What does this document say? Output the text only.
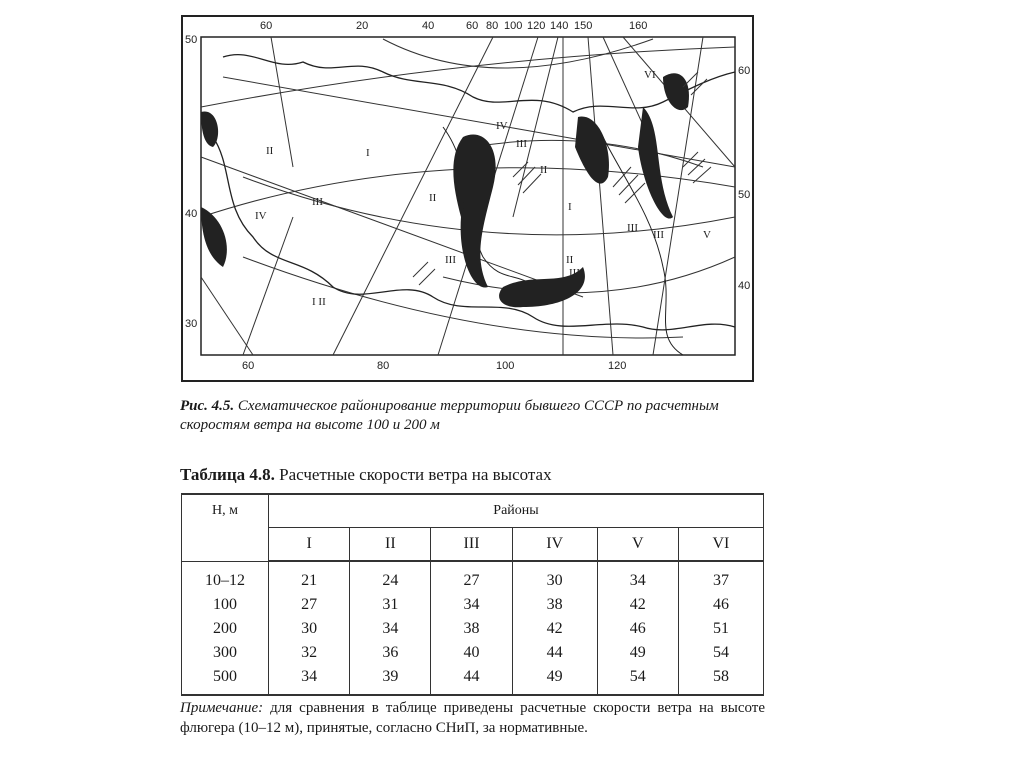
60	20	40	60 80 100 120 140 150	160
60	80	100	120
50
40
30
60
50
40
I
II
III
IV
II
III
I II
IV
III
II
I
III
II
III
III	V
VI
II
Рис. 4.5. Схематическое районирование территории бывшего СССР по расчетным скоростям ветра на высоте 100 и 200 м
Таблица 4.8. Расчетные скорости ветра на высотах
Н, м	Районы					
	I	II	III	IV	V	VI
10–12	21	24	27	30	34	37
100	27	31	34	38	42	46
200	30	34	38	42	46	51
300	32	36	40	44	49	54
500	34	39	44	49	54	58
Примечание: для сравнения в таблице приведены расчетные скорости ветра на высоте флюгера (10–12 м), принятые, согласно СНиП, за нормативные.
